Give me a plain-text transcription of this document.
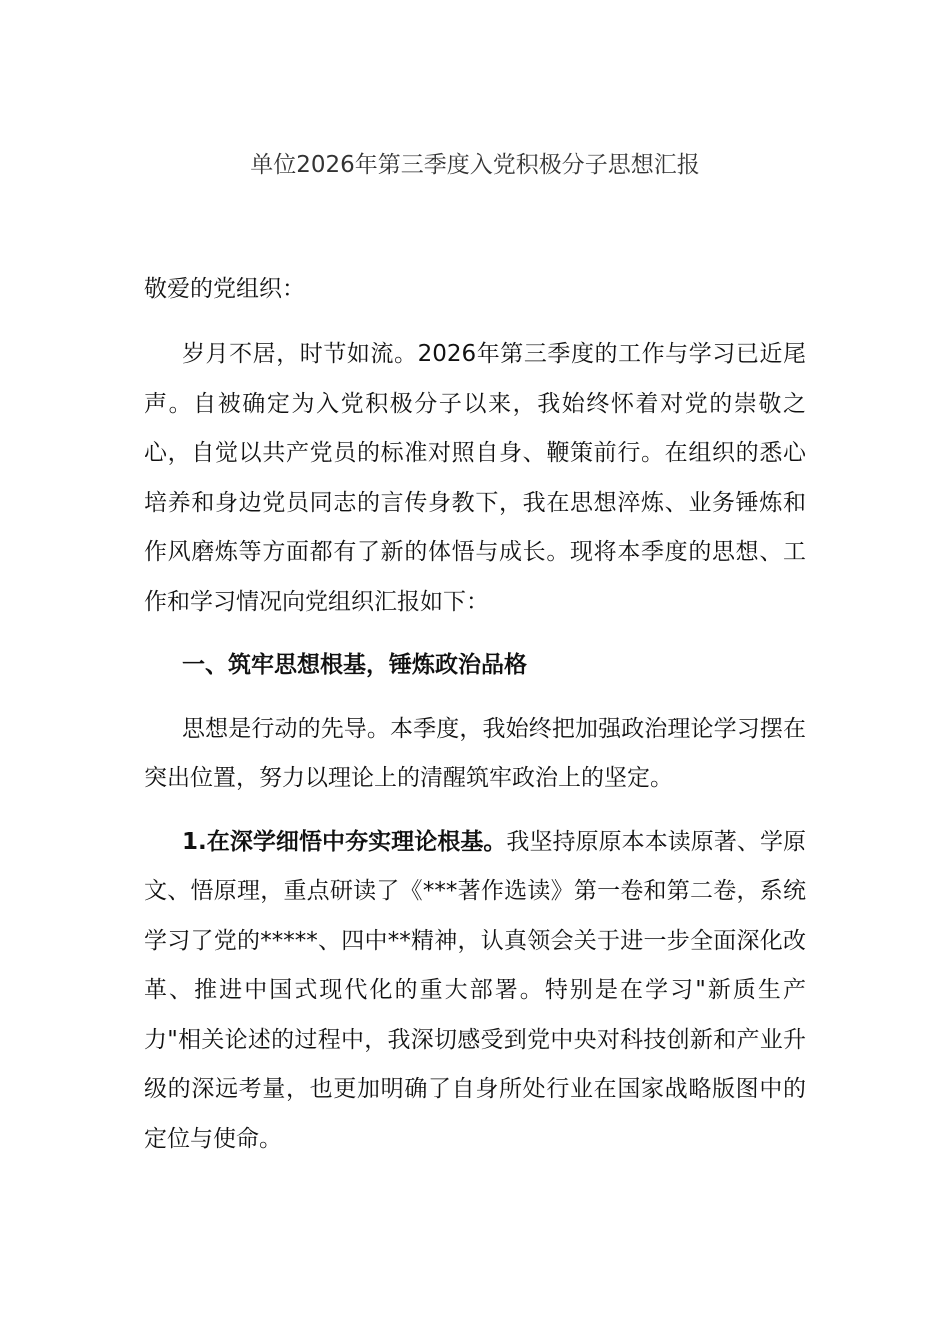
单位2026年第三季度入党积极分子思想汇报
敬爱的党组织：

岁月不居，时节如流。2026年第三季度的工作与学习已近尾声。自被确定为入党积极分子以来，我始终怀着对党的崇敬之心，自觉以共产党员的标准对照自身、鞭策前行。在组织的悉心培养和身边党员同志的言传身教下，我在思想淬炼、业务锤炼和作风磨炼等方面都有了新的体悟与成长。现将本季度的思想、工作和学习情况向党组织汇报如下：

一、筑牢思想根基，锤炼政治品格

思想是行动的先导。本季度，我始终把加强政治理论学习摆在突出位置，努力以理论上的清醒筑牢政治上的坚定。

1.在深学细悟中夯实理论根基。我坚持原原本本读原著、学原文、悟原理，重点研读了《***著作选读》第一卷和第二卷，系统学习了党的*****、四中**精神，认真领会关于进一步全面深化改革、推进中国式现代化的重大部署。特别是在学习"新质生产力"相关论述的过程中，我深切感受到党中央对科技创新和产业升级的深远考量，也更加明确了自身所处行业在国家战略版图中的定位与使命。
